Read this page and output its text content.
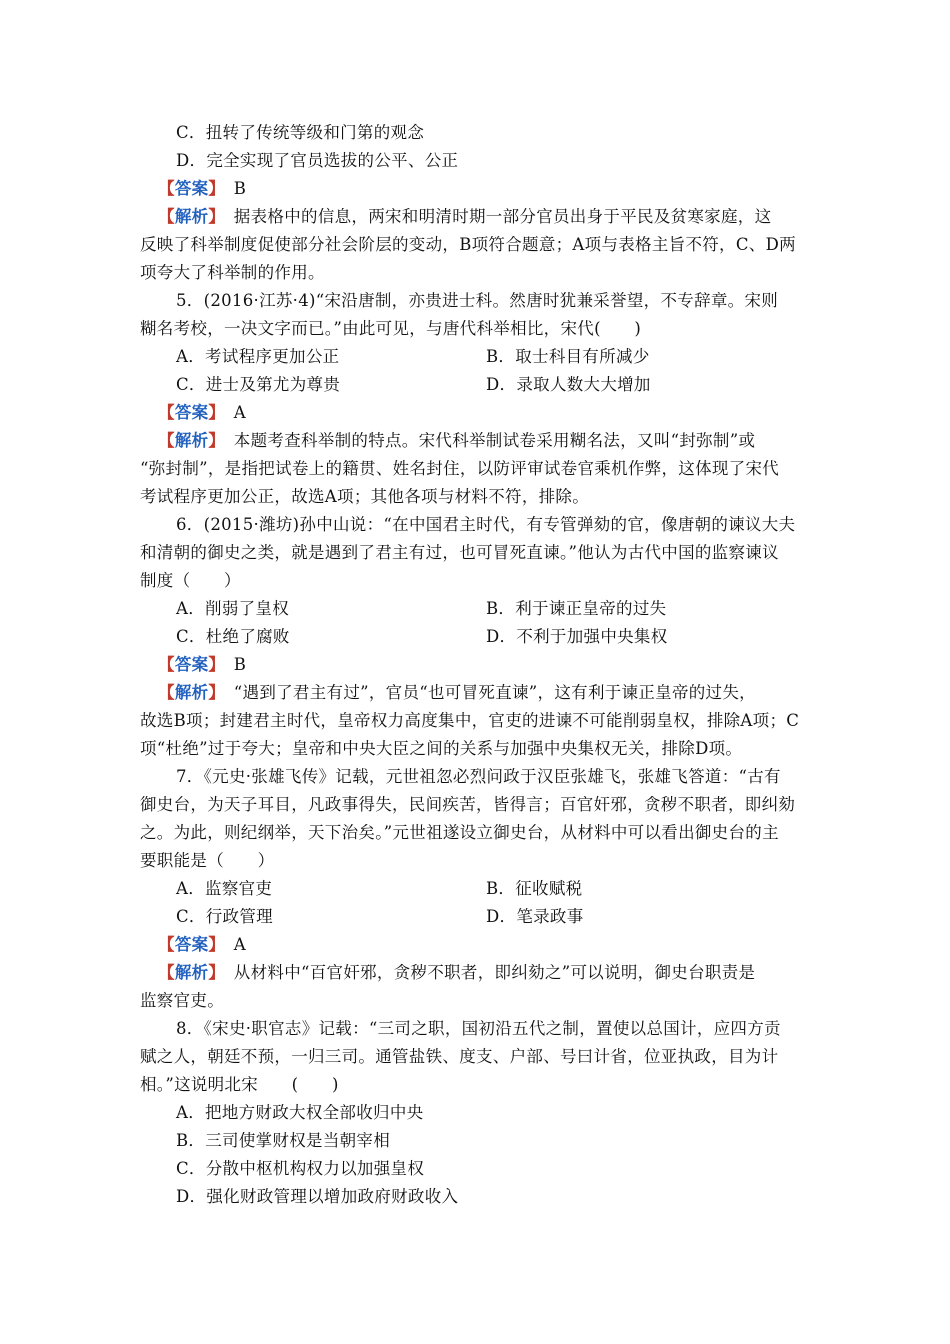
C．扭转了传统等级和门第的观念
D．完全实现了官员选拔的公平、公正
【答案】　 B
【解析】　 据表格中的信息，两宋和明清时期一部分官员出身于平民及贫寒家庭，这
反映了科举制度促使部分社会阶层的变动，B项符合题意；A项与表格主旨不符，C、D两
项夸大了科举制的作用。
5．(2016·江苏·4)“宋沿唐制，亦贵进士科。然唐时犹兼采誉望，不专辞章。宋则
糊名考校，一决文字而已。”由此可见，与唐代科举相比，宋代(　　)
A．考试程序更加公正	B．取士科目有所减少
C．进士及第尤为尊贵	D．录取人数大大增加
【答案】　 A
【解析】　 本题考查科举制的特点。宋代科举制试卷采用糊名法，又叫“封弥制”或
“弥封制”，是指把试卷上的籍贯、姓名封住，以防评审试卷官乘机作弊，这体现了宋代
考试程序更加公正，故选A项；其他各项与材料不符，排除。
6．(2015·潍坊)孙中山说：“在中国君主时代，有专管弹劾的官，像唐朝的谏议大夫
和清朝的御史之类，就是遇到了君主有过，也可冒死直谏。”他认为古代中国的监察谏议
制度（　　）
A．削弱了皇权	B．利于谏正皇帝的过失
C．杜绝了腐败	D．不利于加强中央集权
【答案】　 B
【解析】　 “遇到了君主有过”，官员“也可冒死直谏”，这有利于谏正皇帝的过失，
故选B项；封建君主时代，皇帝权力高度集中，官吏的进谏不可能削弱皇权，排除A项；C
项“杜绝”过于夸大；皇帝和中央大臣之间的关系与加强中央集权无关，排除D项。
7．《元史·张雄飞传》记载，元世祖忽必烈问政于汉臣张雄飞，张雄飞答道：“古有
御史台，为天子耳目，凡政事得失，民间疾苦，皆得言；百官奸邪，贪秽不职者，即纠劾
之。为此，则纪纲举，天下治矣。”元世祖遂设立御史台，从材料中可以看出御史台的主
要职能是（　　）
A．监察官吏	B．征收赋税
C．行政管理	D．笔录政事
【答案】　 A
【解析】　 从材料中“百官奸邪，贪秽不职者，即纠劾之”可以说明，御史台职责是
监察官吏。
8．《宋史·职官志》记载：“三司之职，国初沿五代之制，置使以总国计，应四方贡
赋之人，朝廷不预，一归三司。通管盐铁、度支、户部、号曰计省，位亚执政，目为计
相。”这说明北宋　　(　　)
A．把地方财政大权全部收归中央
B．三司使掌财权是当朝宰相
C．分散中枢机构权力以加强皇权
D．强化财政管理以增加政府财政收入
